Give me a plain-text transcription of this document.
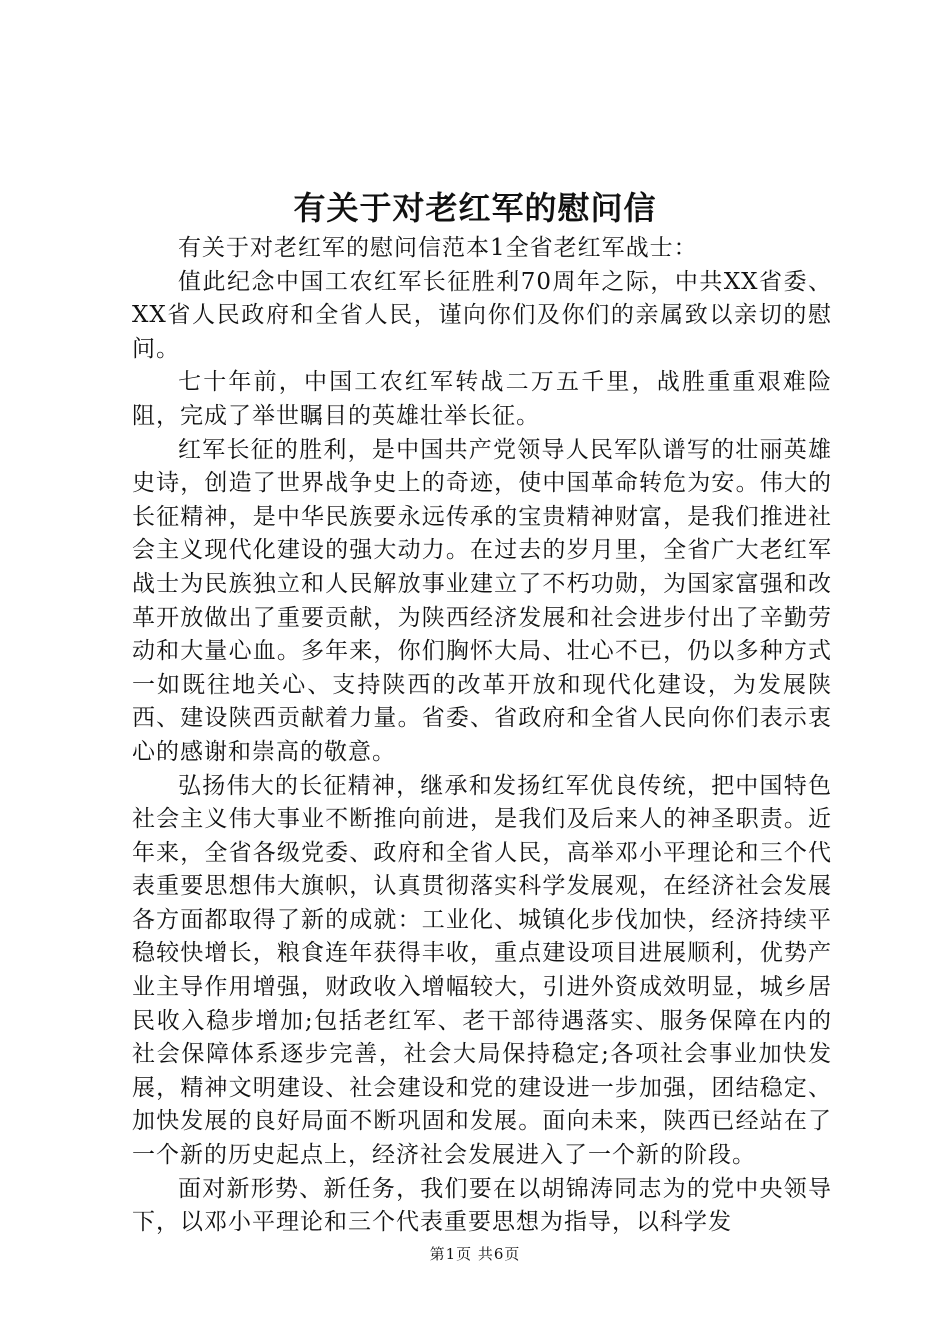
有关于对老红军的慰问信

有关于对老红军的慰问信范本1全省老红军战士：

值此纪念中国工农红军长征胜利70周年之际，中共XX省委、XX省人民政府和全省人民，谨向你们及你们的亲属致以亲切的慰问。

七十年前，中国工农红军转战二万五千里，战胜重重艰难险阻，完成了举世瞩目的英雄壮举长征。

红军长征的胜利，是中国共产党领导人民军队谱写的壮丽英雄史诗，创造了世界战争史上的奇迹，使中国革命转危为安。伟大的长征精神，是中华民族要永远传承的宝贵精神财富，是我们推进社会主义现代化建设的强大动力。在过去的岁月里，全省广大老红军战士为民族独立和人民解放事业建立了不朽功勋，为国家富强和改革开放做出了重要贡献，为陕西经济发展和社会进步付出了辛勤劳动和大量心血。多年来，你们胸怀大局、壮心不已，仍以多种方式一如既往地关心、支持陕西的改革开放和现代化建设，为发展陕西、建设陕西贡献着力量。省委、省政府和全省人民向你们表示衷心的感谢和崇高的敬意。

弘扬伟大的长征精神，继承和发扬红军优良传统，把中国特色社会主义伟大事业不断推向前进，是我们及后来人的神圣职责。近年来，全省各级党委、政府和全省人民，高举邓小平理论和三个代表重要思想伟大旗帜，认真贯彻落实科学发展观，在经济社会发展各方面都取得了新的成就：工业化、城镇化步伐加快，经济持续平稳较快增长，粮食连年获得丰收，重点建设项目进展顺利，优势产业主导作用增强，财政收入增幅较大，引进外资成效明显，城乡居民收入稳步增加;包括老红军、老干部待遇落实、服务保障在内的社会保障体系逐步完善，社会大局保持稳定;各项社会事业加快发展，精神文明建设、社会建设和党的建设进一步加强，团结稳定、加快发展的良好局面不断巩固和发展。面向未来，陕西已经站在了一个新的历史起点上，经济社会发展进入了一个新的阶段。

面对新形势、新任务，我们要在以胡锦涛同志为的党中央领导下，以邓小平理论和三个代表重要思想为指导，以科学发

第1页 共6页
